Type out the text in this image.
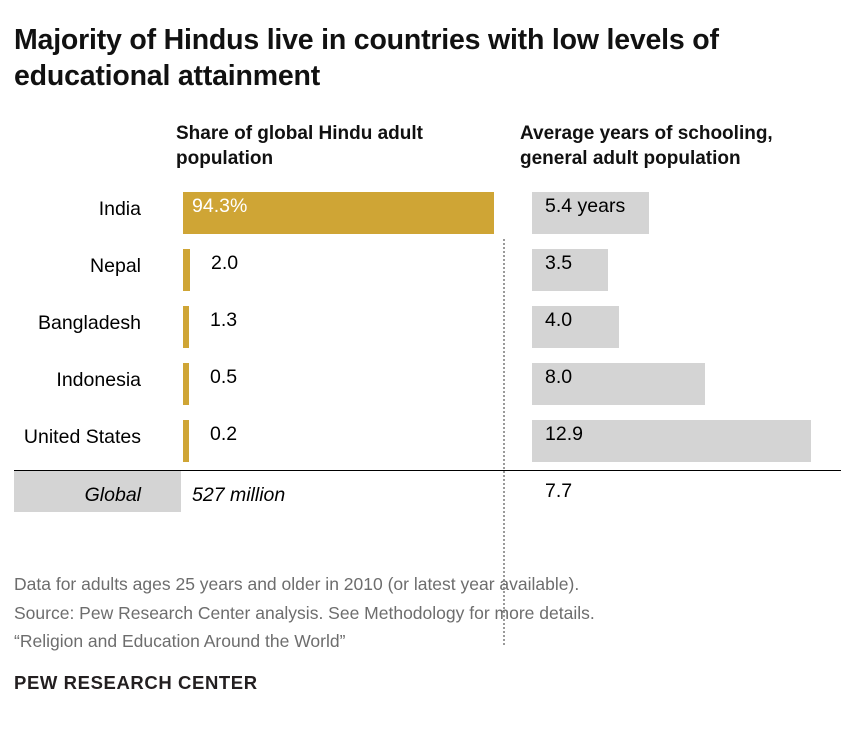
Majority of Hindus live in countries with low levels of educational attainment
Share of global Hindu adult population
Average years of schooling, general adult population
India	94.3%	5.4 years
Nepal	2.0	3.5
Bangladesh	1.3	4.0
Indonesia	0.5	8.0
United States	0.2	12.9
Global	527 million	7.7
Data for adults ages 25 years and older in 2010 (or latest year available).
Source: Pew Research Center analysis. See Methodology for more details.
“Religion and Education Around the World”
PEW RESEARCH CENTER
